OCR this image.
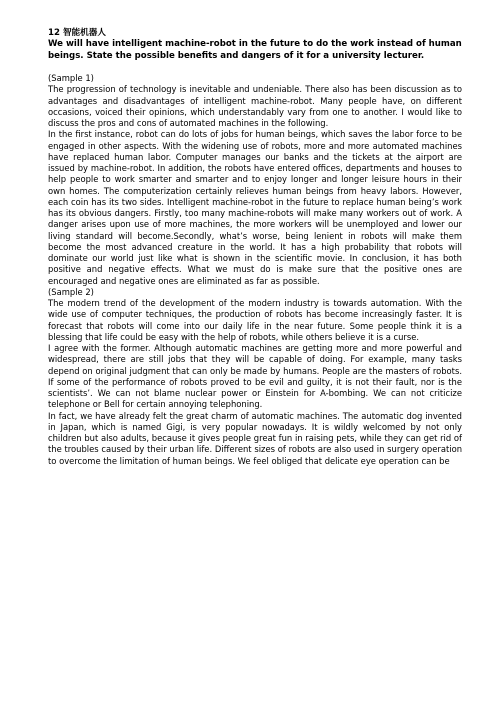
12 智能机器人
We will have intelligent machine-robot in the future to do the work instead of human beings. State the possible benefits and dangers of it for a university lecturer.

(Sample 1)

The progression of technology is inevitable and undeniable. There also has been discussion as to advantages and disadvantages of intelligent machine-robot. Many people have, on different occasions, voiced their opinions, which understandably vary from one to another. I would like to discuss the pros and cons of automated machines in the following.

In the first instance, robot can do lots of jobs for human beings, which saves the labor force to be engaged in other aspects. With the widening use of robots, more and more automated machines have replaced human labor. Computer manages our banks and the tickets at the airport are issued by machine-robot. In addition, the robots have entered offices, departments and houses to help people to work smarter and smarter and to enjoy longer and longer leisure hours in their own homes. The computerization certainly relieves human beings from heavy labors. However, each coin has its two sides. Intelligent machine-robot in the future to replace human being’s work has its obvious dangers. Firstly, too many machine-robots will make many workers out of work. A danger arises upon use of more machines, the more workers will be unemployed and lower our living standard will become.Secondly, what’s worse, being lenient in robots will make them become the most advanced creature in the world. It has a high probability that robots will dominate our world just like what is shown in the scientific movie. In conclusion, it has both positive and negative effects. What we must do is make sure that the positive ones are encouraged and negative ones are eliminated as far as possible.

(Sample 2)

The modern trend of the development of the modern industry is towards automation. With the wide use of computer techniques, the production of robots has become increasingly faster. It is forecast that robots will come into our daily life in the near future. Some people think it is a blessing that life could be easy with the help of robots, while others believe it is a curse.

I agree with the former. Although automatic machines are getting more and more powerful and widespread, there are still jobs that they will be capable of doing. For example, many tasks depend on original judgment that can only be made by humans. People are the masters of robots. If some of the performance of robots proved to be evil and guilty, it is not their fault, nor is the scientists’. We can not blame nuclear power or Einstein for A-bombing. We can not criticize telephone or Bell for certain annoying telephoning.

In fact, we have already felt the great charm of automatic machines. The automatic dog invented in Japan, which is named Gigi, is very popular nowadays. It is wildly welcomed by not only children but also adults, because it gives people great fun in raising pets, while they can get rid of the troubles caused by their urban life. Different sizes of robots are also used in surgery operation to overcome the limitation of human beings. We feel obliged that delicate eye operation can be
